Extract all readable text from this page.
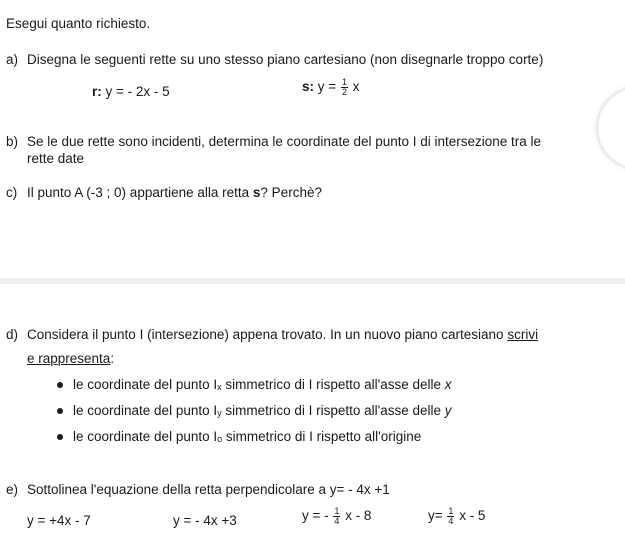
Esegui quanto richiesto.
a) Disegna le seguenti rette su uno stesso piano cartesiano (non disegnarle troppo corte)
r: y = - 2x - 5	s: $y = \frac{1}{2}$ x
b) Se le due rette sono incidenti, determina le coordinate del punto I di intersezione tra le
rette date
c) Il punto A (-3 ; 0) appartiene alla retta s? Perchè?
d) Considera il punto I (intersezione) appena trovato. In un nuovo piano cartesiano scrivi
e rappresenta:
le coordinate del punto Ix simmetrico di I rispetto all'asse delle x
le coordinate del punto Iy simmetrico di I rispetto all'asse delle y
le coordinate del punto Io simmetrico di I rispetto all'origine
e) Sottolinea l'equazione della retta perpendicolare a y= - 4x +1
y = +4x - 7	y = - 4x +3	y = - $\frac{1}{4}$ x - 8	$y= \frac{1}{4}$ x - 5
